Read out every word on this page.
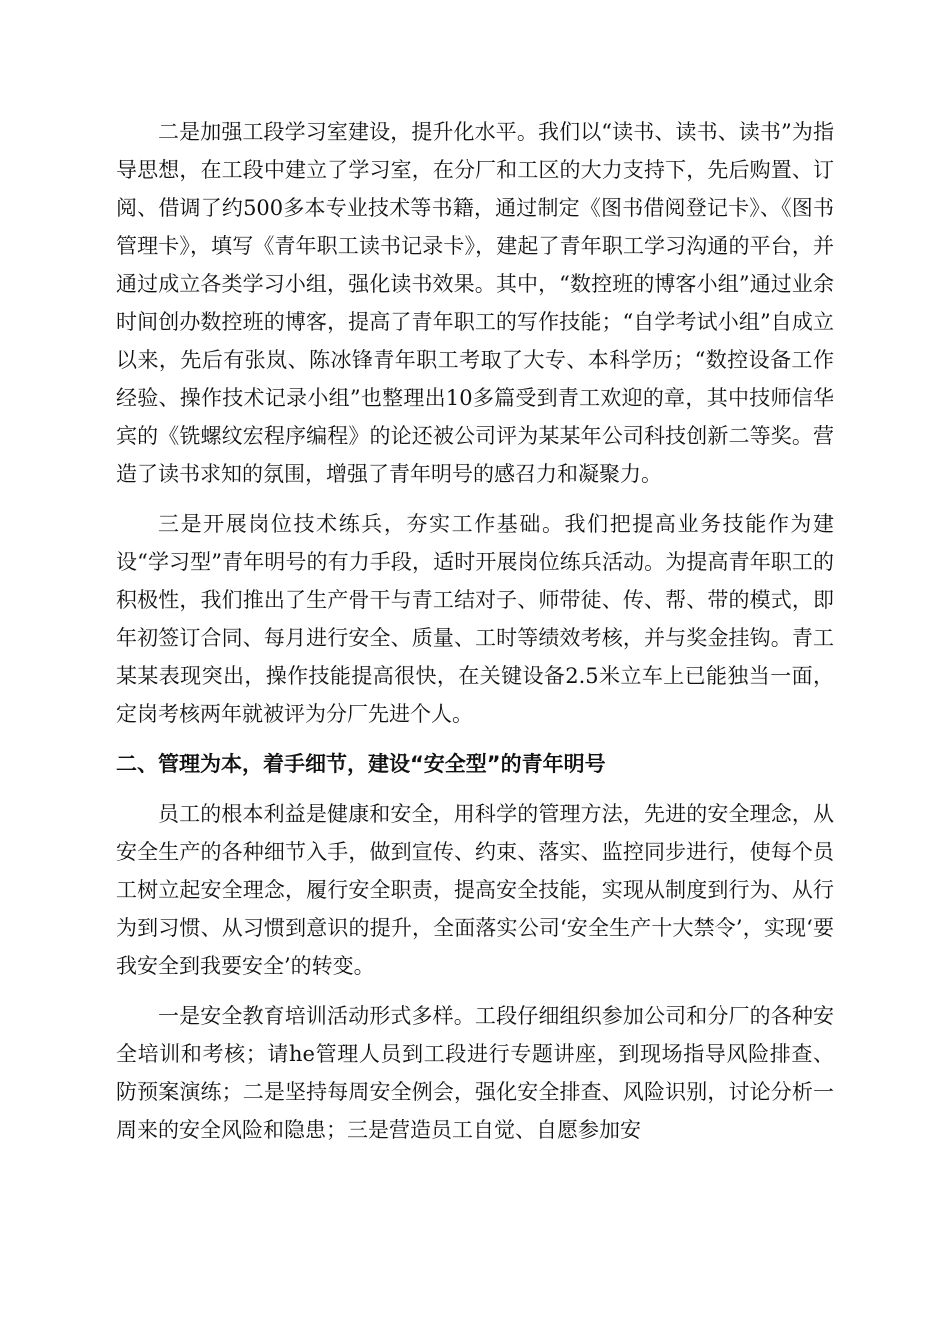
二是加强工段学习室建设，提升化水平。我们以“读书、读书、读书”为指导思想，在工段中建立了学习室，在分厂和工区的大力支持下，先后购置、订阅、借调了约500多本专业技术等书籍，通过制定《图书借阅登记卡》、《图书管理卡》，填写《青年职工读书记录卡》，建起了青年职工学习沟通的平台，并通过成立各类学习小组，强化读书效果。其中，“数控班的博客小组”通过业余时间创办数控班的博客，提高了青年职工的写作技能；“自学考试小组”自成立以来，先后有张岚、陈冰锋青年职工考取了大专、本科学历；“数控设备工作经验、操作技术记录小组”也整理出10多篇受到青工欢迎的章，其中技师信华宾的《铣螺纹宏程序编程》的论还被公司评为某某年公司科技创新二等奖。营造了读书求知的氛围，增强了青年明号的感召力和凝聚力。

三是开展岗位技术练兵，夯实工作基础。我们把提高业务技能作为建设“学习型”青年明号的有力手段，适时开展岗位练兵活动。为提高青年职工的积极性，我们推出了生产骨干与青工结对子、师带徒、传、帮、带的模式，即年初签订合同、每月进行安全、质量、工时等绩效考核，并与奖金挂钩。青工某某表现突出，操作技能提高很快，在关键设备2.5米立车上已能独当一面，定岗考核两年就被评为分厂先进个人。

二、管理为本，着手细节，建设“安全型”的青年明号

员工的根本利益是健康和安全，用科学的管理方法，先进的安全理念，从安全生产的各种细节入手，做到宣传、约束、落实、监控同步进行，使每个员工树立起安全理念，履行安全职责，提高安全技能，实现从制度到行为、从行为到习惯、从习惯到意识的提升，全面落实公司‘安全生产十大禁令’，实现‘要我安全到我要安全’的转变。

一是安全教育培训活动形式多样。工段仔细组织参加公司和分厂的各种安全培训和考核；请he管理人员到工段进行专题讲座，到现场指导风险排查、防预案演练；二是坚持每周安全例会，强化安全排查、风险识别，讨论分析一周来的安全风险和隐患；三是营造员工自觉、自愿参加安
